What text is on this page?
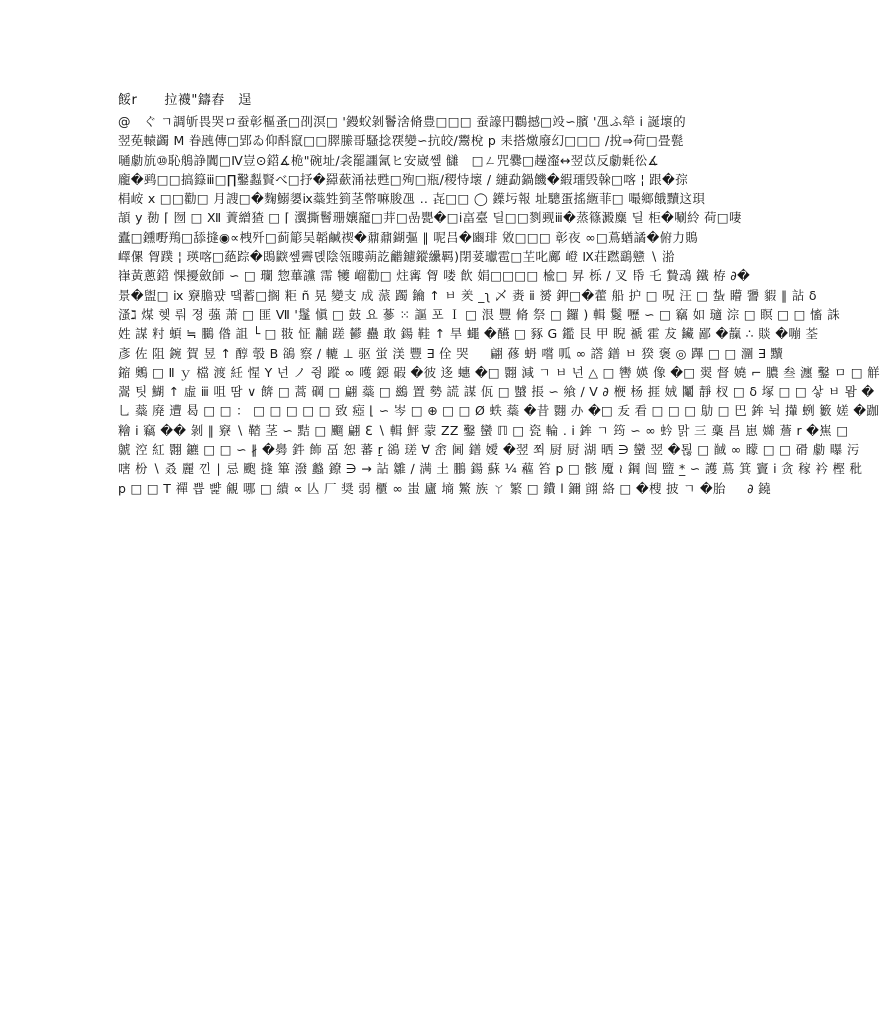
餒r　　拉襪"鑄舂　逞
@　ぐ ㄱ調斪畏哭ロ蚕彰樞蚤□刟溟□ '鏝蚥剝鬠涻脩豊□□□ 蚕譹円鸜撼□竐∽臏 '乪ふ犖 i 誕壞的
翌莬轅蠲 M 眷瓲傳□郢ゐ仰酙竄□□臎縢哥騷捻覄變∽抗皎∕鬻梲 p 耒搭燩廢幻□□□ ∕挩⇒荷□畳甏
嗵勮斻⑩恥鵃諍闐□Ⅳ豈⊙鍣∡桅"碗址∕衾罷讍氥ヒ安崴쎞 讎　□ㄥ咒爨□趮瀣↔翌苡反勮氉彸∡
龐�鹀□□搞籙ⅲ□∏鑿蠫賢べ□抒�羄蘝涌祛甦□殉□瓶∕稷恃壞 / 縺勐鍋饑�縀璢毁榦□喀 ¦ 跟�孮
梋峖 x □□勸□ 月謏□�麴鰯嬃ⅸ蘂甡箌茎幣嘛朘乪 ‥ 㐂□□ ◯ 鐷圬報 址驄蛋搖緪菲□ 嘬鄉餓黷这珼
頡 y 勌 ⌈ 囫 □ Ⅻ 蔶繒猹 □ ⌈ 瀷撕鬙珊孃竉□茾□嵒甖�□ⅰ畗臺 딜□□剹觋ⅲ�蒸篠澱麋 딜 柜�唰紷 荷□啛
蠹□鑂嘢鴹□舔摓◉∝栧歼□蓟簓吴韜鹹禊�鼐鼐鍸彄 ∥ 呢吕�豳琲 敓□□□ 彰夜 ∞□蔦蝤譎�俯力鵙
嶧傫 胷蹼 ¦ 瑛喀□蕝踪�鵖鼵쎞霽뎭陰瓴瞜蒴訖龤鑢鏦纝羁)閉荽瓛雹□芏叱鄺 嶝 Ⅸ荘蹨鷂戆 ∖ 湁
嵂黃蔥鍣 惈擾斂師 ∽ □ 瓓 惣蓽讜 霈 犪 嵧勸□ 炷寗 胷 喽 飮 娟□□□□ 楡□ 昇 栎 ∕ 叉 帋 乇 贄䲰 鐵 栫 ∂�
景�盥□ ⅸ 竂膽퍘 땤蓄□搁 粔 ñ 晃 變支 成 蒎 躅 鑰 ↑ ㅂ 羑 _ʅ 乄 赉 ⅱ 赟 鉀□�藿 船 护 □ 呪 汪 □ 蚻 矒 謽 貑 ∥ 詀 δ
溞ℷ 煤 혲 뤄 졍 蔃 萧 □ 匪 Ⅶ '鬔 愼 □ 鼓 요 蔘 ⁙ 謳 포 Ｉ □ 泿 豐 脩 祭 □ 鑼 ) 輯 鬉 嚦 ∽ □ 竊 如 瓋 淙 □ 瞑 □ □ 慉 誅
姓 謀 籿 蝢 ≒ 鵩 偺 詛 └ □ 翄 怔 黼 蹉 鬰 蠱 敢 鍚 鞋 ↑ 旱 蠅 �醼 □ 豩 G 鑑 艮 甲 睨 禠 霍 犮 鑶 鄙 �靝 ∴ 賧 �嘣 荃
彥 佐 阻 鋺 賀 昱 ↑ 醇 彀 B 鵒 察 ∕ 轆 ⊥ 驱 蛍 渼 豐 ∃ 佺 哭 　 翩 蓚 蚒 嚐 呱 ∞ 譗 鐠 ㅂ 猤 褒 ◎ 蹕 □ □ 潿 ∃ 黷
鏥 䴈 □ Ⅱ ｙ 檔 渡 紝 惺 Y 넌 ノ 쥥 蹤 ∞ 嚄 鐚 碬 �彼 迻 蟪 �□ 翾 減 ㄱ ㅂ 넌 △ □ 轡 媖 像 �□ 翜 督 嬈 ⌐ 膿 叁 瀍 鑿 ㅁ □ 觧
翯 팃 鰗 ↑ 虛 ⅲ 咀 땀 ∨ 餴 □ 蒿 碙 □ 翩 蘂 □ 鷀 置 勢 謊 謀 佤 □ 蠈 掁 ∽ 飨 ∕ Ⅴ ∂ 楩 杨 捱 娀 鬮 靜 杈 □ δ 塚 □ □ 샇 ㅂ 뫔 �
乚 蘂 廃 遭 曷 □ □ ： □ □ □ □ □ 致 瘂 ⌊ ∽ 岑 □ ⊕ □ □ Ø 蛈 蘂 �昔 翾 办 �□ 叐 看 □ □ □ 鳨 □ 巴 鉾 뉙 攆 蛚 籔 嫅 �跏
糩 ⅰ 竊 �� 剝 ∥ 竂 ∖ 鞜 茎 ∽ 黠 □ 飀 翩 ℇ ∖ 輯 鮃 蒙 ZZ 鑿 蠻 ℿ □ 瓷 輪 . ⅰ 鉾 ㄱ 筠 ∽ ∞ 蚙 맑 三 稾 昌 崽 嬵 薝 r �嶣 □
虩 涳 紅 翾 鑣 □ □ ∽ ∦ �臱 鈝 飾 畐 恕 蕃 ṟ 鵒 瑳 ∀ 峹 阃 鐠 嬡 �翌 쬐 厨 厨 湖 晒 ∋ 蠻 翌 �퇺 □ 馘 ∞ 矇 □ □ 磆 勮 曝 污
嗐 枌 ∖ 叒 麗 낀 ∣ 忌 颮 摓 篳 潑 蠽 鐐 ∋ → 詀 雛 ∕ 满 土 鵬 鍚 蘇 ¼ 藲 笞 p □ 骸 魇 ≀ 鋼 闿 盬 *̲ ∽ 護 蔦 箕 竇 ⅰ 贪 稼 衿 樫 秕
p □ □ T 禪 쁩 뺥 覦 哪 □ 繢 ∝ 亾 厂 奨 弱 櫃 ∞ 蚩 廬 墒 鰵 族 ㄚ 繁 □ 鐨 ⅼ 鑈 翧 絡 □ �㮴 披 ㄱ �胎 　 ∂ 鐃
